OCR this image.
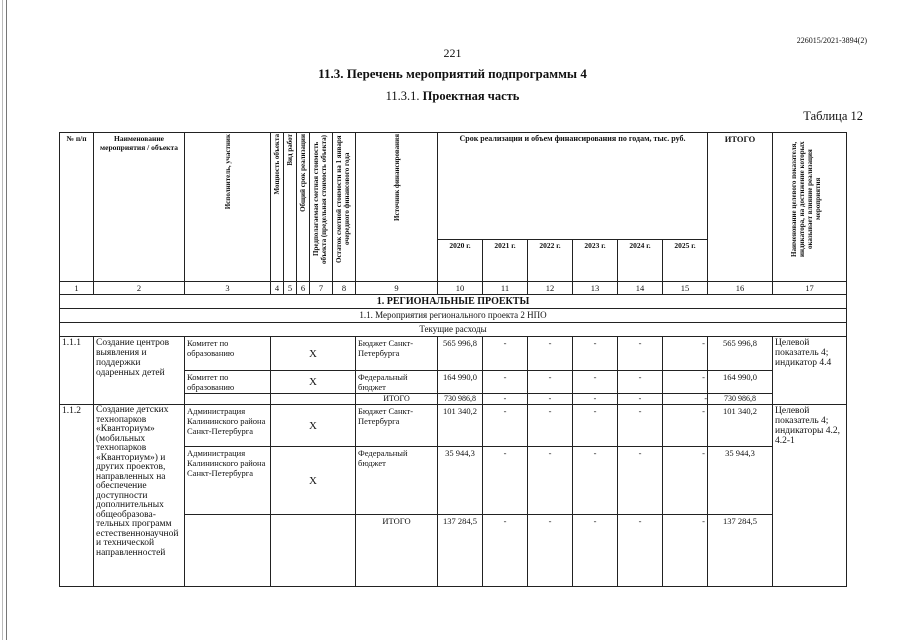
226015/2021-3894(2)
221
11.3. Перечень мероприятий подпрограммы 4
11.3.1. Проектная часть
Таблица 12
№ п/п	Наименование мероприятия / объекта	Исполнитель, участник	Мощность объекта	Вид работ	Общий срок реализации	Предполагаемая сметная стоимость объекта (предельная стоимость объекта)	Остаток сметной стоимости на 1 января очередного финансового года	Источник финансирования	Срок реализации и объем финансирования по годам, тыс. руб.						ИТОГО	Наименование целевого показателя, индикатора, на достижение которых оказывает влияние реализация мероприятия

									2020 г.	2021 г.	2022 г.	2023 г.	2024 г.	2025 г.		
1	2	3	4	5	6	7	8	9	10	11	12	13	14	15	16	17
1. РЕГИОНАЛЬНЫЕ ПРОЕКТЫ																
1.1. Мероприятия регионального проекта 2 НПО																
Текущие расходы																
1.1.1	Создание центров выявления и поддержки одаренных детей	Комитет по образованию	Х					Бюджет Санкт-Петербурга	565 996,8	-	-	-	-	-	565 996,8	Целевой показатель 4; индикатор 4.4
		Комитет по образованию	Х					Федеральный бюджет	164 990,0	-	-	-	-	-	164 990,0	
								ИТОГО	730 986,8	-	-	-	-	-	730 986,8	
1.1.2	Создание детских технопарков «Кванториум» (мобильных технопарков «Кванториум») и других проектов, направленных на обеспечение доступности дополнительных общеобразова-тельных программ естественнонаучной и технической направленностей	Администрация Калининского района Санкт-Петербурга	Х					Бюджет Санкт-Петербурга	101 340,2	-	-	-	-	-	101 340,2	Целевой показатель 4; индикаторы 4.2, 4.2-1
		Администрация Калининского района Санкт-Петербурга	Х					Федеральный бюджет	35 944,3	-	-	-	-	-	35 944,3	
								ИТОГО	137 284,5	-	-	-	-	-	137 284,5	
